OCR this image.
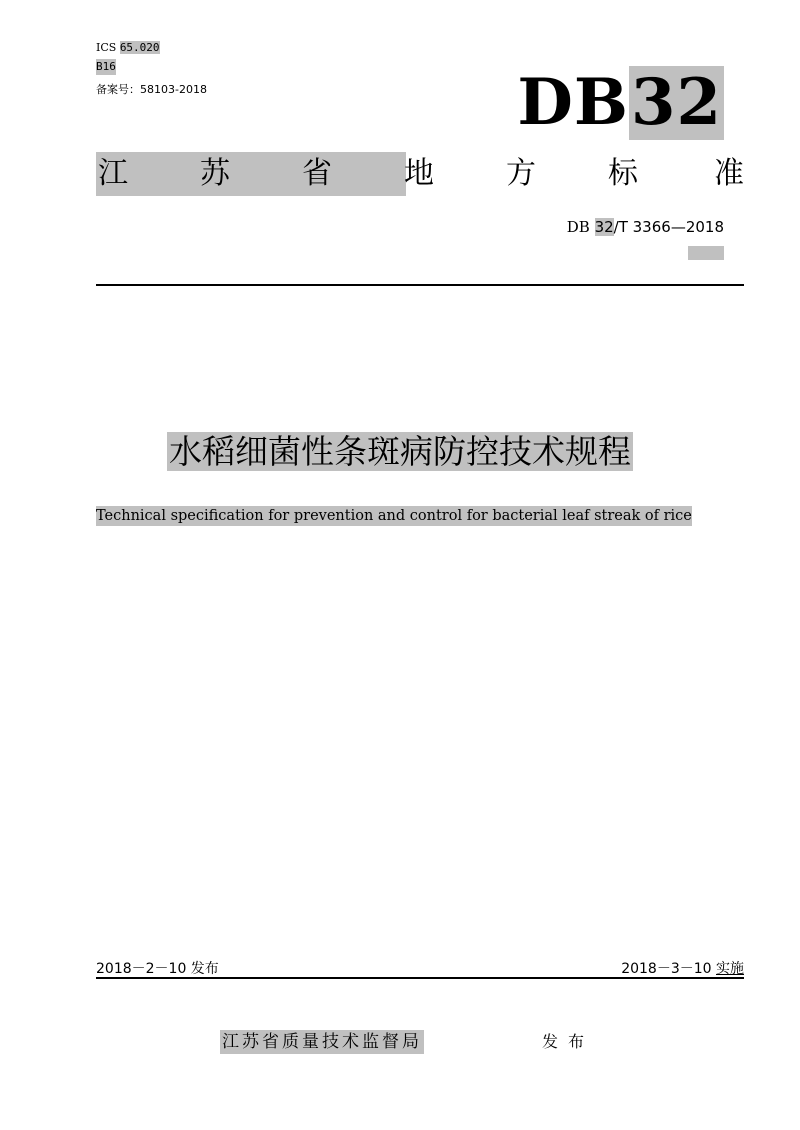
ICS 65.020
B16
备案号：58103-2018	DB32
江 苏 省 地 方 标	准
DB 32/T 3366—2018
水稻细菌性条斑病防控技术规程
Technical specification for prevention and control for bacterial leaf streak of rice
2018－2－10 发布	2018－3－10 实施
江苏省质量技术监督局	发布
